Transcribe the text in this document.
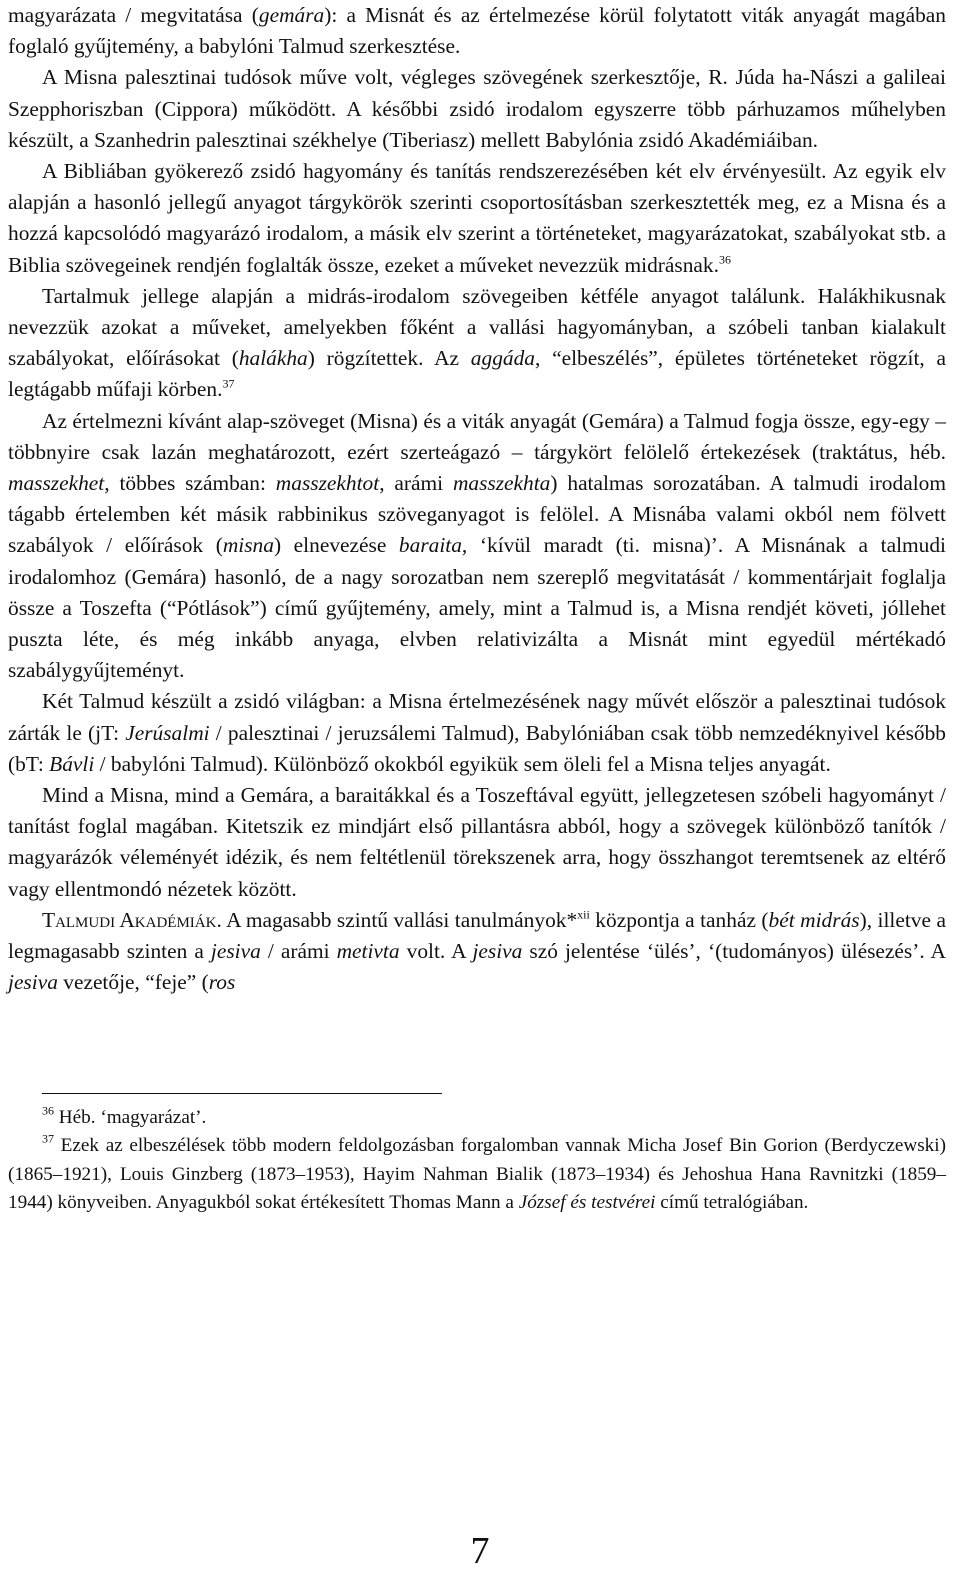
magyarázata / megvitatása (gemára): a Misnát és az értelmezése körül folytatott viták anyagát magában foglaló gyűjtemény, a babylóni Talmud szerkesztése.

A Misna palesztinai tudósok műve volt, végleges szövegének szerkesztője, R. Júda ha-Nászi a galileai Szepphoriszban (Cippora) működött. A későbbi zsidó irodalom egyszerre több párhuzamos műhelyben készült, a Szanhedrin palesztinai székhelye (Tiberiasz) mellett Babylónia zsidó Akadémiáiban.

A Bibliában gyökerező zsidó hagyomány és tanítás rendszerezésében két elv érvényesült. Az egyik elv alapján a hasonló jellegű anyagot tárgykörök szerinti csoportosításban szerkesztették meg, ez a Misna és a hozzá kapcsolódó magyarázó irodalom, a másik elv szerint a történeteket, magyarázatokat, szabályokat stb. a Biblia szövegeinek rendjén foglalták össze, ezeket a műveket nevezzük midrásnak.$^{36}$

Tartalmuk jellege alapján a midrás-irodalom szövegeiben kétféle anyagot találunk. Halákhikusnak nevezzük azokat a műveket, amelyekben főként a vallási hagyományban, a szóbeli tanban kialakult szabályokat, előírásokat (halákha) rögzítettek. Az aggáda, “elbeszélés”, épületes történeteket rögzít, a legtágabb műfaji körben.$^{37}$

Az értelmezni kívánt alap-szöveget (Misna) és a viták anyagát (Gemára) a Talmud fogja össze, egy-egy – többnyire csak lazán meghatározott, ezért szerteágazó – tárgykört felölelő értekezések (traktátus, héb. masszekhet, többes számban: masszekhtot, arámi masszekhta) hatalmas sorozatában. A talmudi irodalom tágabb értelemben két másik rabbinikus szöveganyagot is felölel. A Misnába valami okból nem fölvett szabályok / előírások (misna) elnevezése baraita, ‘kívül maradt (ti. misna)’. A Misnának a talmudi irodalomhoz (Gemára) hasonló, de a nagy sorozatban nem szereplő megvitatását / kommentárjait foglalja össze a Toszefta (“Pótlások”) című gyűjtemény, amely, mint a Talmud is, a Misna rendjét követi, jóllehet puszta léte, és még inkább anyaga, elvben relativizálta a Misnát mint egyedül mértékadó szabálygyűjteményt.

Két Talmud készült a zsidó világban: a Misna értelmezésének nagy művét először a palesztinai tudósok zárták le (jT: Jerúsalmi / palesztinai / jeruzsálemi Talmud), Babylóniában csak több nemzedéknyivel később (bT: Bávli / babylóni Talmud). Különböző okokból egyikük sem öleli fel a Misna teljes anyagát.

Mind a Misna, mind a Gemára, a baraitákkal és a Toszeftával együtt, jellegzetesen szóbeli hagyományt / tanítást foglal magában. Kitetszik ez mindjárt első pillantásra abból, hogy a szövegek különböző tanítók / magyarázók véleményét idézik, és nem feltétlenül törekszenek arra, hogy összhangot teremtsenek az eltérő vagy ellentmondó nézetek között.

Talmudi Akadémiák. A magasabb szintű vallási tanulmányok*$^{xii}$ központja a tanház (bét midrás), illetve a legmagasabb szinten a jesiva / arámi metivta volt. A jesiva szó jelentése ‘ülés’, ‘(tudományos) ülésezés’. A jesiva vezetője, “feje” (ros

$^{36}$ Héb. ‘magyarázat’.

$^{37}$ Ezek az elbeszélések több modern feldolgozásban forgalomban vannak Micha Josef Bin Gorion (Berdyczewski) (1865–1921), Louis Ginzberg (1873–1953), Hayim Nahman Bialik (1873–1934) és Jehoshua Hana Ravnitzki (1859–1944) könyveiben. Anyagukból sokat értékesített Thomas Mann a József és testvérei című tetralógiában.

7
